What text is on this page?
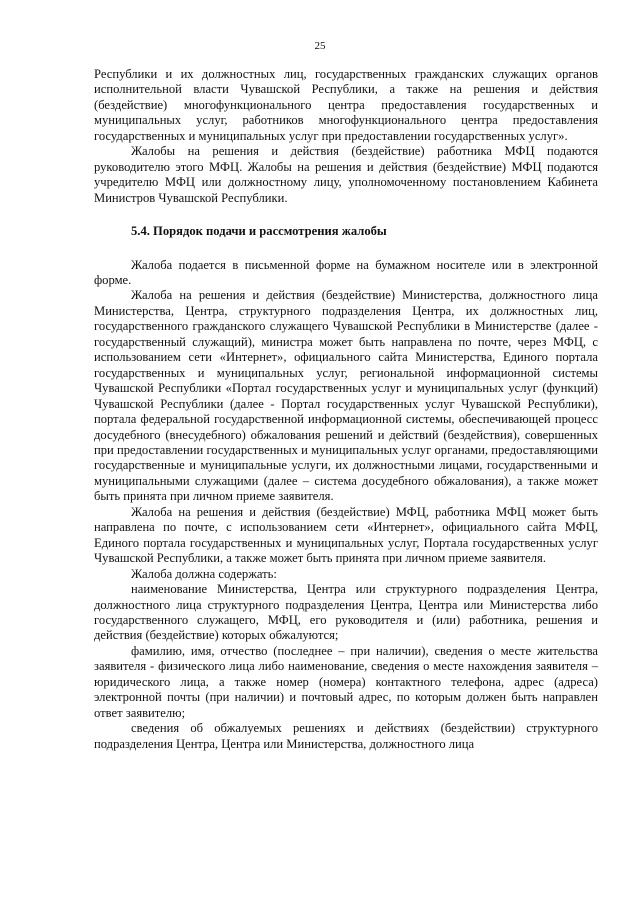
25

Республики и их должностных лиц, государственных гражданских служащих органов исполнительной власти Чувашской Республики, а также на решения и действия (бездействие) многофункционального центра предоставления государственных и муниципальных услуг, работников многофункционального центра предоставления государственных и муниципальных услуг при предоставлении государственных услуг».

Жалобы на решения и действия (бездействие) работника МФЦ подаются руководителю этого МФЦ. Жалобы на решения и действия (бездействие) МФЦ подаются учредителю МФЦ или должностному лицу, уполномоченному постановлением Кабинета Министров Чувашской Республики.

5.4. Порядок подачи и рассмотрения жалобы

Жалоба подается в письменной форме на бумажном носителе или в электронной форме.

Жалоба на решения и действия (бездействие) Министерства, должностного лица Министерства, Центра, структурного подразделения Центра, их должностных лиц, государственного гражданского служащего Чувашской Республики в Министерстве (далее - государственный служащий), министра может быть направлена по почте, через МФЦ, с использованием сети «Интернет», официального сайта Министерства, Единого портала государственных и муниципальных услуг, региональной информационной системы Чувашской Республики «Портал государственных услуг и муниципальных услуг (функций) Чувашской Республики (далее - Портал государственных услуг Чувашской Республики), портала федеральной государственной информационной системы, обеспечивающей процесс досудебного (внесудебного) обжалования решений и действий (бездействия), совершенных при предоставлении государственных и муниципальных услуг органами, предоставляющими государственные и муниципальные услуги, их должностными лицами, государственными и муниципальными служащими (далее – система досудебного обжалования), а также может быть принята при личном приеме заявителя.

Жалоба на решения и действия (бездействие) МФЦ, работника МФЦ может быть направлена по почте, с использованием сети «Интернет», официального сайта МФЦ, Единого портала государственных и муниципальных услуг, Портала государственных услуг Чувашской Республики, а также может быть принята при личном приеме заявителя.

Жалоба должна содержать:

наименование Министерства, Центра или структурного подразделения Центра, должностного лица структурного подразделения Центра, Центра или Министерства либо государственного служащего, МФЦ, его руководителя и (или) работника, решения и действия (бездействие) которых обжалуются;

фамилию, имя, отчество (последнее – при наличии), сведения о месте жительства заявителя - физического лица либо наименование, сведения о месте нахождения заявителя – юридического лица, а также номер (номера) контактного телефона, адрес (адреса) электронной почты (при наличии) и почтовый адрес, по которым должен быть направлен ответ заявителю;

сведения об обжалуемых решениях и действиях (бездействии) структурного подразделения Центра, Центра или Министерства, должностного лица
